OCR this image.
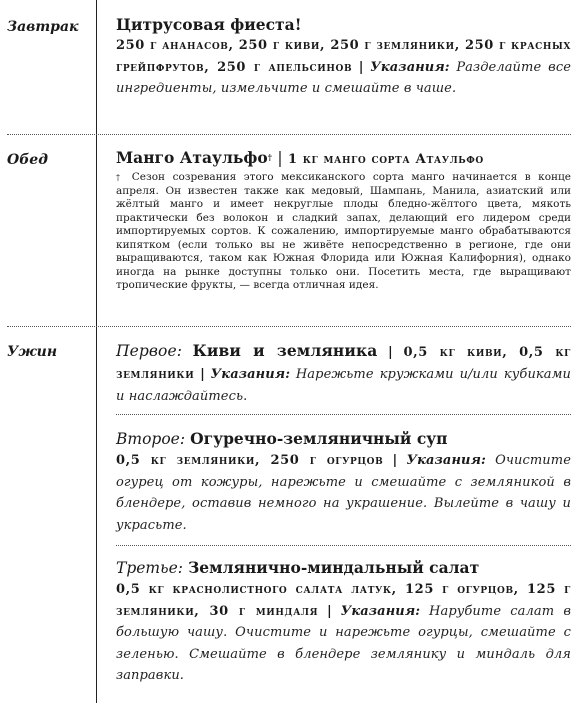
Завтрак Цитрусовая фиеста!
250 г ананасов, 250 г киви, 250 г земляники, 250 г красных грейпфрутов, 250 г апельсинов | Указания: Разделайте все ингредиенты, измельчите и смешайте в чаше.
Обед	Манго Атаульфо† | 1 кг манго сорта Атаульфо
† Сезон созревания этого мексиканского сорта манго начинается в конце апреля. Он известен также как медовый, Шампань, Манила, азиатский или жёлтый манго и имеет некруглые плоды бледно-жёлтого цвета, мякоть практически без волокон и сладкий запах, делающий его лидером среди импортируемых сортов. К сожалению, импортируемые манго обрабатываются кипятком (если только вы не живёте непосредственно в регионе, где они выращиваются, таком как Южная Флорида или Южная Калифорния), однако иногда на рынке доступны только они. Посетить места, где выращивают тропические фрукты, — всегда отличная идея.
Ужин	Первое: Киви и земляника | 0,5 кг киви, 0,5 кг земляники | Указания: Нарежьте кружками и/или кубиками и наслаждайтесь.
Второе: Огуречно-земляничный суп
0,5 кг земляники, 250 г огурцов | Указания: Очистите огурец от кожуры, нарежьте и смешайте с земляникой в блендере, оставив немного на украшение. Вылейте в чашу и украсьте.
Третье: Землянично-миндальный салат
0,5 кг краснолистного салата латук, 125 г огурцов, 125 г земляники, 30 г миндаля | Указания: Нарубите салат в большую чашу. Очистите и нарежьте огурцы, смешайте с зеленью. Смешайте в блендере землянику и миндаль для заправки.
